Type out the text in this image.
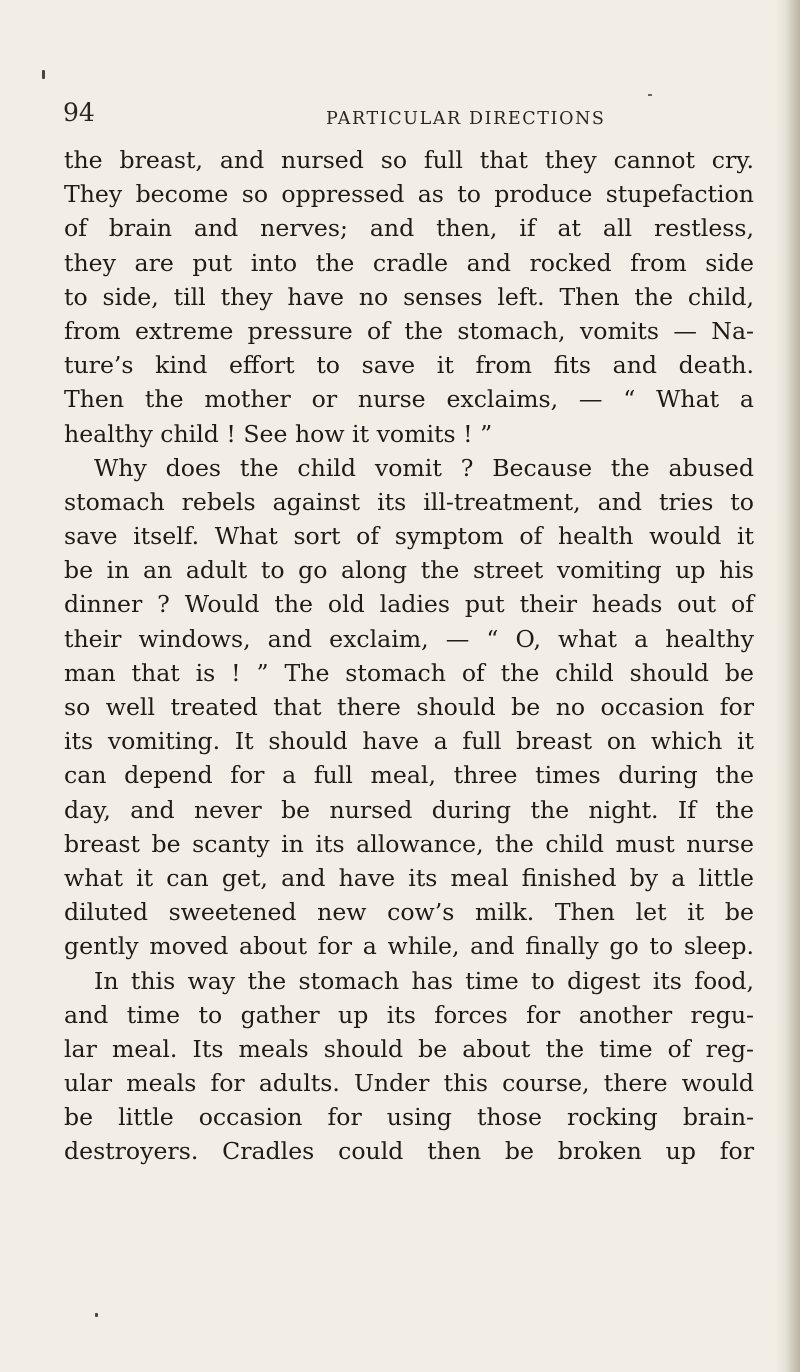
94	PARTICULAR DIRECTIONS
the breast, and nursed so full that they cannot cry.
They become so oppressed as to produce stupefaction
of brain and nerves; and then, if at all restless,
they are put into the cradle and rocked from side
to side, till they have no senses left. Then the child,
from extreme pressure of the stomach, vomits — Na-
ture’s kind effort to save it from fits and death.
Then the mother or nurse exclaims, — “ What a
healthy child ! See how it vomits ! ”
Why does the child vomit ? Because the abused
stomach rebels against its ill-treatment, and tries to
save itself. What sort of symptom of health would it
be in an adult to go along the street vomiting up his
dinner ? Would the old ladies put their heads out of
their windows, and exclaim, — “ O, what a healthy
man that is ! ” The stomach of the child should be
so well treated that there should be no occasion for
its vomiting. It should have a full breast on which it
can depend for a full meal, three times during the
day, and never be nursed during the night. If the
breast be scanty in its allowance, the child must nurse
what it can get, and have its meal finished by a little
diluted sweetened new cow’s milk. Then let it be
gently moved about for a while, and finally go to sleep.
In this way the stomach has time to digest its food,
and time to gather up its forces for another regu-
lar meal. Its meals should be about the time of reg-
ular meals for adults. Under this course, there would
be little occasion for using those rocking brain-
destroyers. Cradles could then be broken up for
